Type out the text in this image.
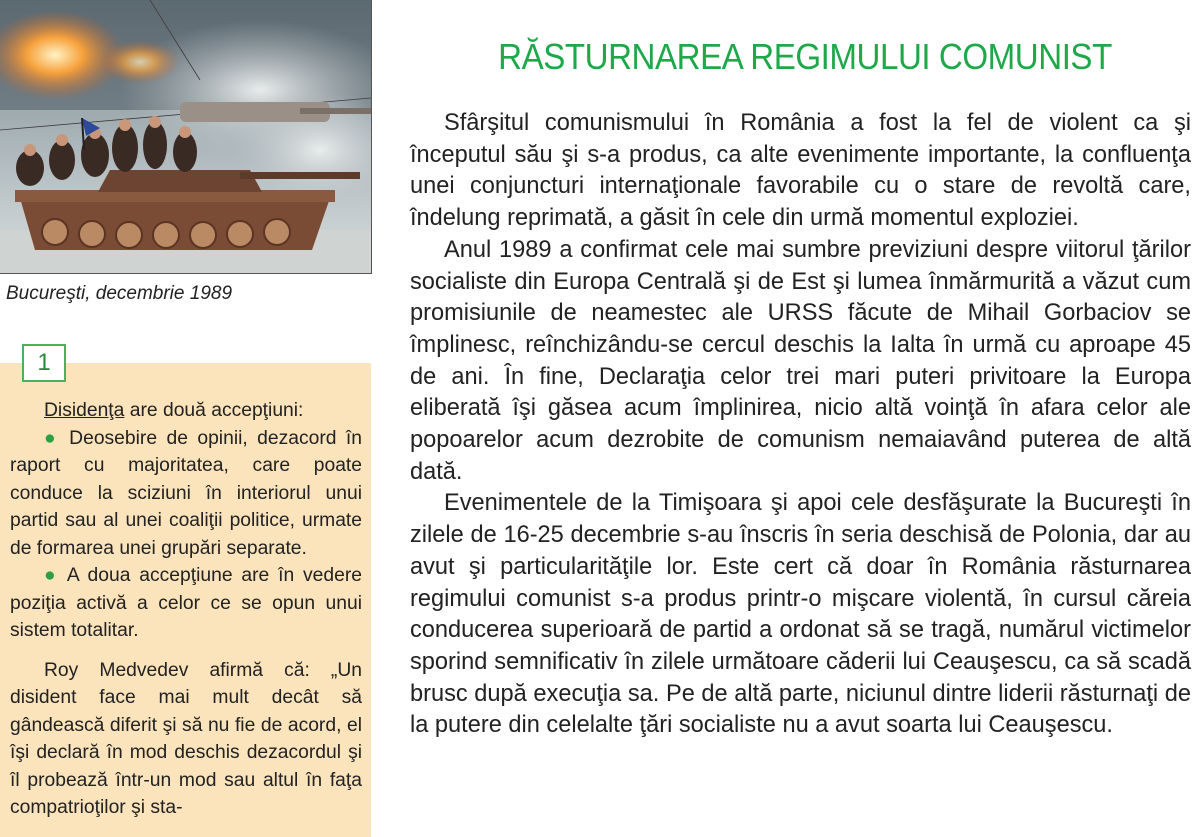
Bucureşti, decembrie 1989
1

Disidenţa are două accepţiuni:

● Deosebire de opinii, dezacord în raport cu majoritatea, care poate conduce la sciziuni în interiorul unui partid sau al unei coaliţii politice, urmate de formarea unei grupări separate.

● A doua accepţiune are în vedere poziţia activă a celor ce se opun unui sistem totalitar.

Roy Medvedev afirmă că: „Un disident face mai mult decât să gândească diferit şi să nu fie de acord, el îşi declară în mod deschis dezacordul şi îl probează într-un mod sau altul în faţa compatrioţilor şi sta-

RĂSTURNAREA REGIMULUI COMUNIST

Sfârşitul comunismului în România a fost la fel de violent ca şi începutul său şi s-a produs, ca alte evenimente importante, la confluenţa unei conjuncturi internaţionale favorabile cu o stare de revoltă care, îndelung reprimată, a găsit în cele din urmă momentul exploziei.

Anul 1989 a confirmat cele mai sumbre previziuni despre viitorul ţărilor socialiste din Europa Centrală şi de Est şi lumea înmărmurită a văzut cum promisiunile de neamestec ale URSS făcute de Mihail Gorbaciov se împlinesc, reînchizându-se cercul deschis la Ialta în urmă cu aproape 45 de ani. În fine, Declaraţia celor trei mari puteri privitoare la Europa eliberată îşi găsea acum împlinirea, nicio altă voinţă în afara celor ale popoarelor acum dezrobite de comunism nemaiavând puterea de altă dată.

Evenimentele de la Timişoara şi apoi cele desfăşurate la Bucureşti în zilele de 16-25 decembrie s-au înscris în seria deschisă de Polonia, dar au avut şi particularităţile lor. Este cert că doar în România răsturnarea regimului comunist s-a produs printr-o mişcare violentă, în cursul căreia conducerea superioară de partid a ordonat să se tragă, numărul victimelor sporind semnificativ în zilele următoare căderii lui Ceauşescu, ca să scadă brusc după execuţia sa. Pe de altă parte, niciunul dintre liderii răsturnaţi de la putere din celelalte ţări socialiste nu a avut soarta lui Ceauşescu.
